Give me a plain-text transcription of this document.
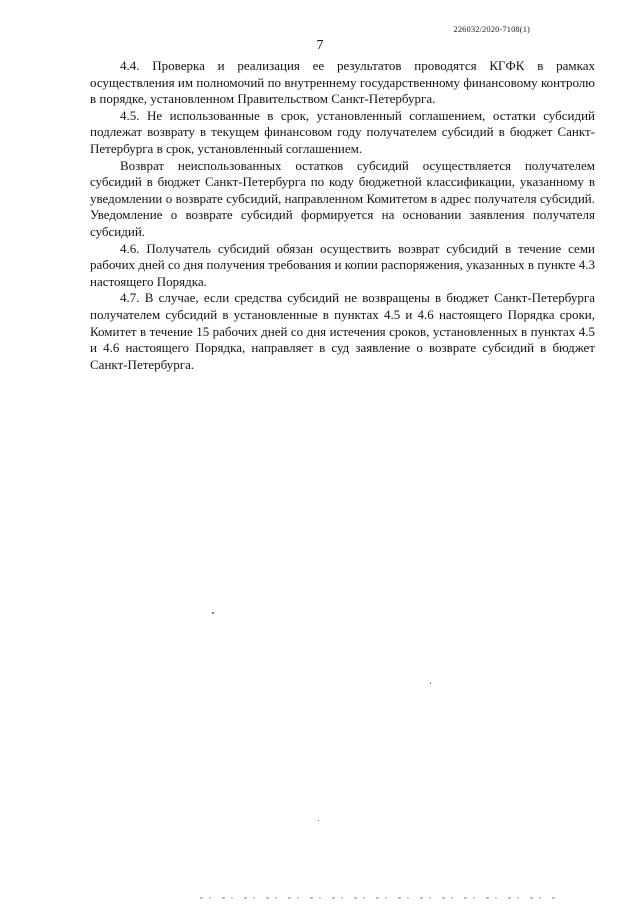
226032/2020-7108(1)
7

4.4. Проверка и реализация ее результатов проводятся КГФК в рамках осуществления им полномочий по внутреннему государственному финансовому контролю в порядке, установленном Правительством Санкт-Петербурга.

4.5. Не использованные в срок, установленный соглашением, остатки субсидий подлежат возврату в текущем финансовом году получателем субсидий в бюджет Санкт-Петербурга в срок, установленный соглашением.

Возврат неиспользованных остатков субсидий осуществляется получателем субсидий в бюджет Санкт-Петербурга по коду бюджетной классификации, указанному в уведомлении о возврате субсидий, направленном Комитетом в адрес получателя субсидий. Уведомление о возврате субсидий формируется на основании заявления получателя субсидий.

4.6. Получатель субсидий обязан осуществить возврат субсидий в течение семи рабочих дней со дня получения требования и копии распоряжения, указанных в пункте 4.3 настоящего Порядка.

4.7. В случае, если средства субсидий не возвращены в бюджет Санкт-Петербурга получателем субсидий в установленные в пунктах 4.5 и 4.6 настоящего Порядка сроки, Комитет в течение 15 рабочих дней со дня истечения сроков, установленных в пунктах 4.5 и 4.6 настоящего Порядка, направляет в суд заявление о возврате субсидий в бюджет Санкт-Петербурга.
